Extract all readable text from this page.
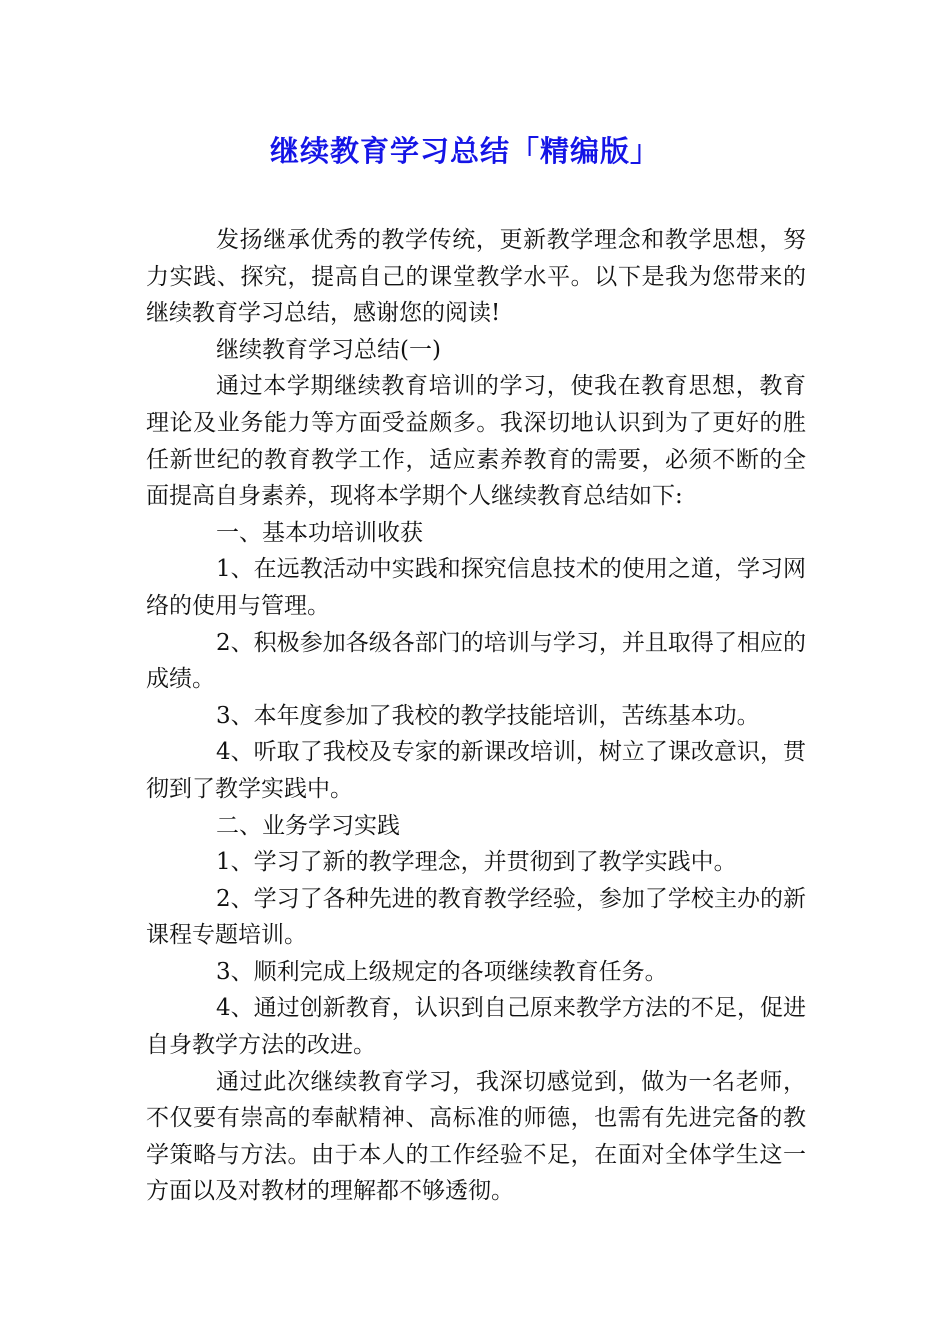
继续教育学习总结「精编版」

发扬继承优秀的教学传统，更新教学理念和教学思想，努力实践、探究，提高自己的课堂教学水平。以下是我为您带来的继续教育学习总结，感谢您的阅读!

继续教育学习总结(一)

通过本学期继续教育培训的学习，使我在教育思想，教育理论及业务能力等方面受益颇多。我深切地认识到为了更好的胜任新世纪的教育教学工作，适应素养教育的需要，必须不断的全面提高自身素养，现将本学期个人继续教育总结如下:

一、基本功培训收获

1、在远教活动中实践和探究信息技术的使用之道，学习网络的使用与管理。

2、积极参加各级各部门的培训与学习，并且取得了相应的成绩。

3、本年度参加了我校的教学技能培训，苦练基本功。

4、听取了我校及专家的新课改培训，树立了课改意识，贯彻到了教学实践中。

二、业务学习实践

1、学习了新的教学理念，并贯彻到了教学实践中。

2、学习了各种先进的教育教学经验，参加了学校主办的新课程专题培训。

3、顺利完成上级规定的各项继续教育任务。

4、通过创新教育，认识到自己原来教学方法的不足，促进自身教学方法的改进。

通过此次继续教育学习，我深切感觉到，做为一名老师，不仅要有崇高的奉献精神、高标准的师德，也需有先进完备的教学策略与方法。由于本人的工作经验不足，在面对全体学生这一方面以及对教材的理解都不够透彻。
